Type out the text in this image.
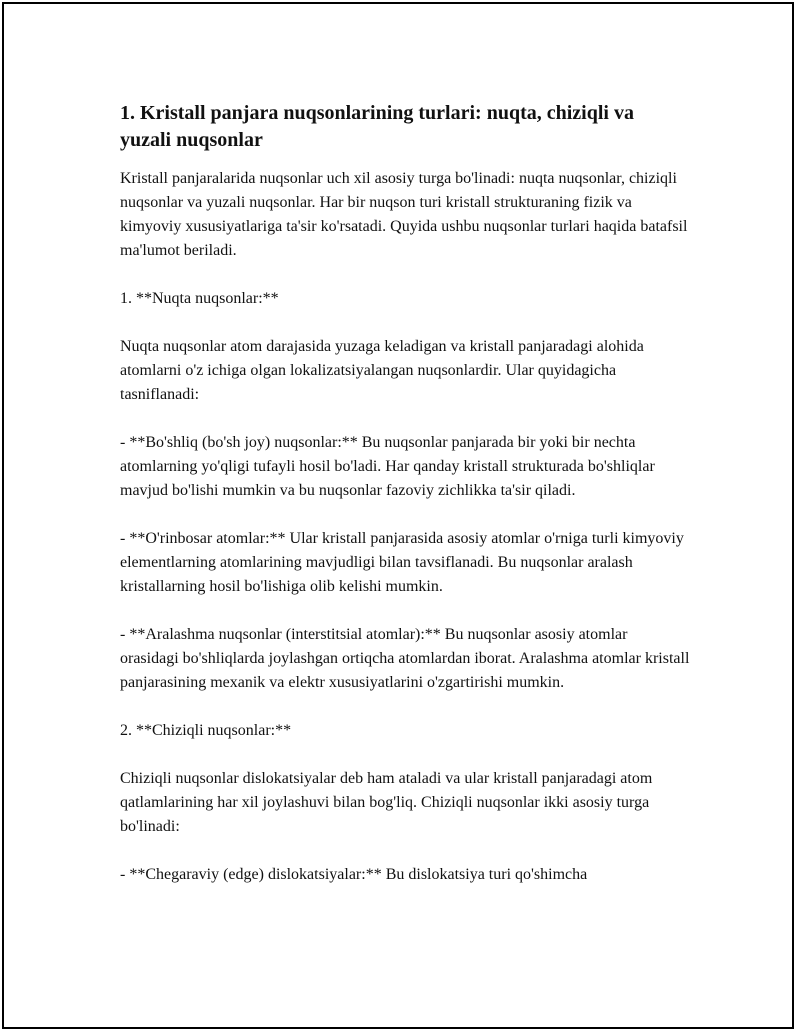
1. Kristall panjara nuqsonlarining turlari: nuqta, chiziqli va yuzali nuqsonlar

Kristall panjaralarida nuqsonlar uch xil asosiy turga bo'linadi: nuqta nuqsonlar, chiziqli nuqsonlar va yuzali nuqsonlar. Har bir nuqson turi kristall strukturaning fizik va kimyoviy xususiyatlariga ta'sir ko'rsatadi. Quyida ushbu nuqsonlar turlari haqida batafsil ma'lumot beriladi.

1. **Nuqta nuqsonlar:**

Nuqta nuqsonlar atom darajasida yuzaga keladigan va kristall panjaradagi alohida atomlarni o'z ichiga olgan lokalizatsiyalangan nuqsonlardir. Ular quyidagicha tasniflanadi:

- **Bo'shliq (bo'sh joy) nuqsonlar:** Bu nuqsonlar panjarada bir yoki bir nechta atomlarning yo'qligi tufayli hosil bo'ladi. Har qanday kristall strukturada bo'shliqlar mavjud bo'lishi mumkin va bu nuqsonlar fazoviy zichlikka ta'sir qiladi.

- **O'rinbosar atomlar:** Ular kristall panjarasida asosiy atomlar o'rniga turli kimyoviy elementlarning atomlarining mavjudligi bilan tavsiflanadi. Bu nuqsonlar aralash kristallarning hosil bo'lishiga olib kelishi mumkin.

- **Aralashma nuqsonlar (interstitsial atomlar):** Bu nuqsonlar asosiy atomlar orasidagi bo'shliqlarda joylashgan ortiqcha atomlardan iborat. Aralashma atomlar kristall panjarasining mexanik va elektr xususiyatlarini o'zgartirishi mumkin.

2. **Chiziqli nuqsonlar:**

Chiziqli nuqsonlar dislokatsiyalar deb ham ataladi va ular kristall panjaradagi atom qatlamlarining har xil joylashuvi bilan bog'liq. Chiziqli nuqsonlar ikki asosiy turga bo'linadi:

- **Chegaraviy (edge) dislokatsiyalar:** Bu dislokatsiya turi qo'shimcha
